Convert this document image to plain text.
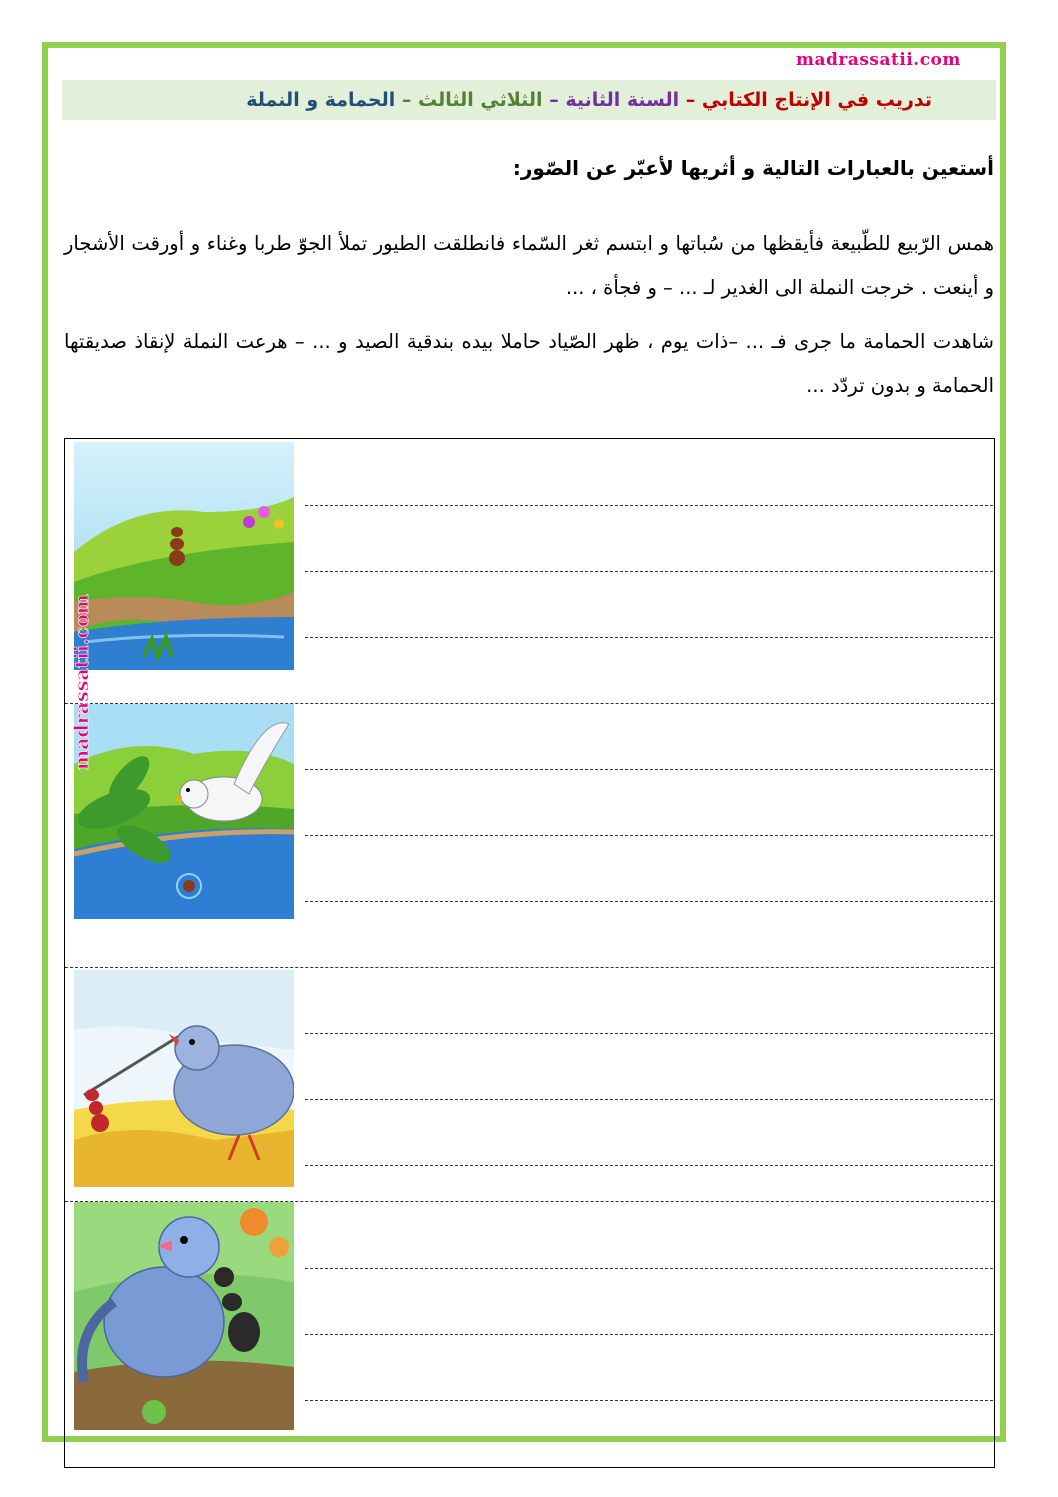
madrassatii.com
تدريب في الإنتاج الكتابي – السنة الثانية – الثلاثي الثالث – الحمامة و النملة
أستعين بالعبارات التالية و أثريها لأعبّر عن الصّور:
همس الرّبيع للطّبيعة فأيقظها من سُباتها و ابتسم ثغر السّماء فانطلقت الطيور تملأ الجوّ طربا وغناء و أورقت الأشجار و أينعت . خرجت النملة الى الغدير لـ ... – و فجأة ، ...
شاهدت الحمامة ما جرى فـ ... –ذات يوم ، ظهر الصّياد حاملا بيده بندقية الصيد و ... – هرعت النملة لإنقاذ صديقتها الحمامة و بدون تردّد ...
madrassatii.com
